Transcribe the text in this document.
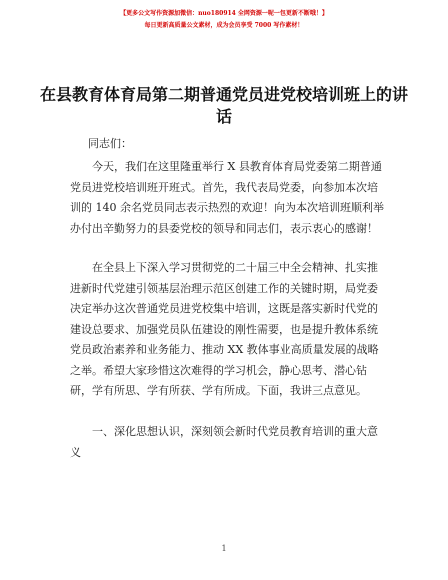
【更多公文写作资源加微信：nuo180914 全网资源一呢一包更新不断哦！】
每日更新高质量公文素材，成为会员享受 7000 写作素材！
在县教育体育局第二期普通党员进党校培训班上的讲话
同志们：
今天，我们在这里隆重举行 X 县教育体育局党委第二期普通党员进党校培训班开班式。首先，我代表局党委，向参加本次培训的 140 余名党员同志表示热烈的欢迎！向为本次培训班顺利举办付出辛勤努力的县委党校的领导和同志们，表示衷心的感谢！
在全县上下深入学习贯彻党的二十届三中全会精神、扎实推进新时代党建引领基层治理示范区创建工作的关键时期，局党委决定举办这次普通党员进党校集中培训，这既是落实新时代党的建设总要求、加强党员队伍建设的刚性需要，也是提升教体系统党员政治素养和业务能力、推动 XX 教体事业高质量发展的战略之举。希望大家珍惜这次难得的学习机会，静心思考、潜心钻研，学有所思、学有所获、学有所成。下面，我讲三点意见。
一、深化思想认识，深刻领会新时代党员教育培训的重大意义
1
